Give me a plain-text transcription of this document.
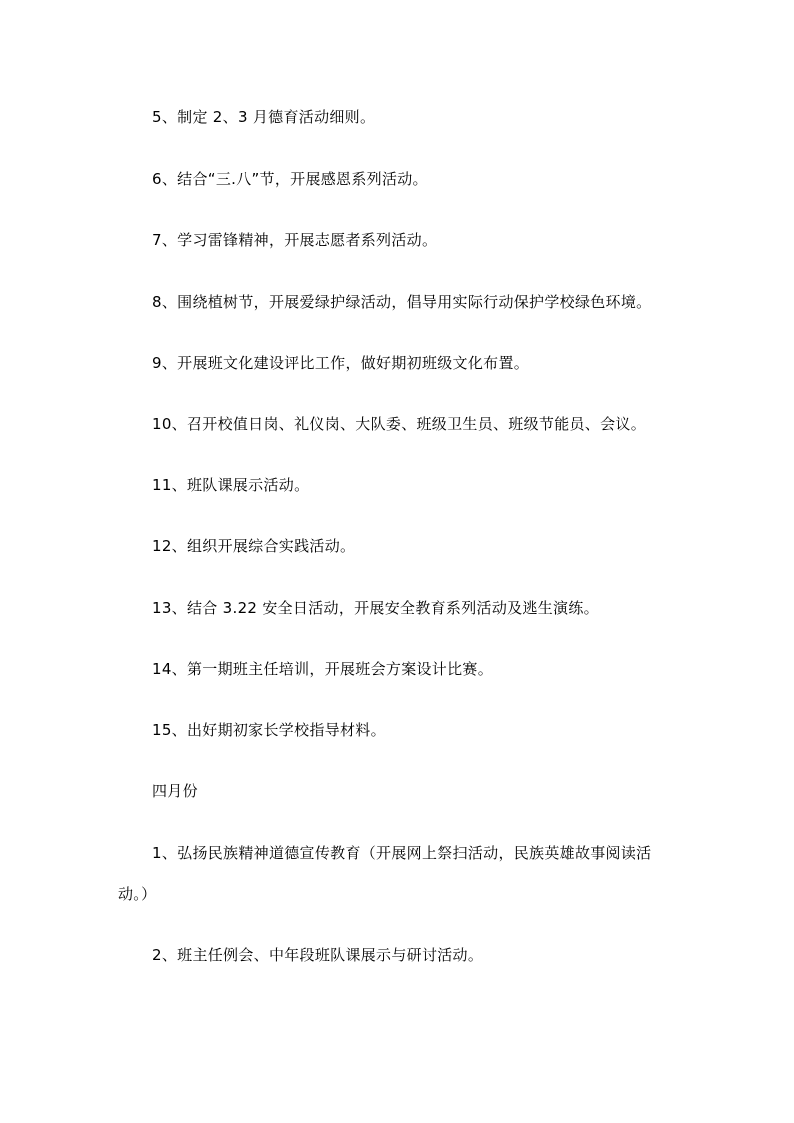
5、制定 2、3 月德育活动细则。
6、结合“三.八”节，开展感恩系列活动。
7、学习雷锋精神，开展志愿者系列活动。
8、围绕植树节，开展爱绿护绿活动，倡导用实际行动保护学校绿色环境。
9、开展班文化建设评比工作，做好期初班级文化布置。
10、召开校值日岗、礼仪岗、大队委、班级卫生员、班级节能员、会议。
11、班队课展示活动。
12、组织开展综合实践活动。
13、结合 3.22 安全日活动，开展安全教育系列活动及逃生演练。
14、第一期班主任培训，开展班会方案设计比赛。
15、出好期初家长学校指导材料。
四月份
1、弘扬民族精神道德宣传教育（开展网上祭扫活动，民族英雄故事阅读活
动。）
2、班主任例会、中年段班队课展示与研讨活动。
